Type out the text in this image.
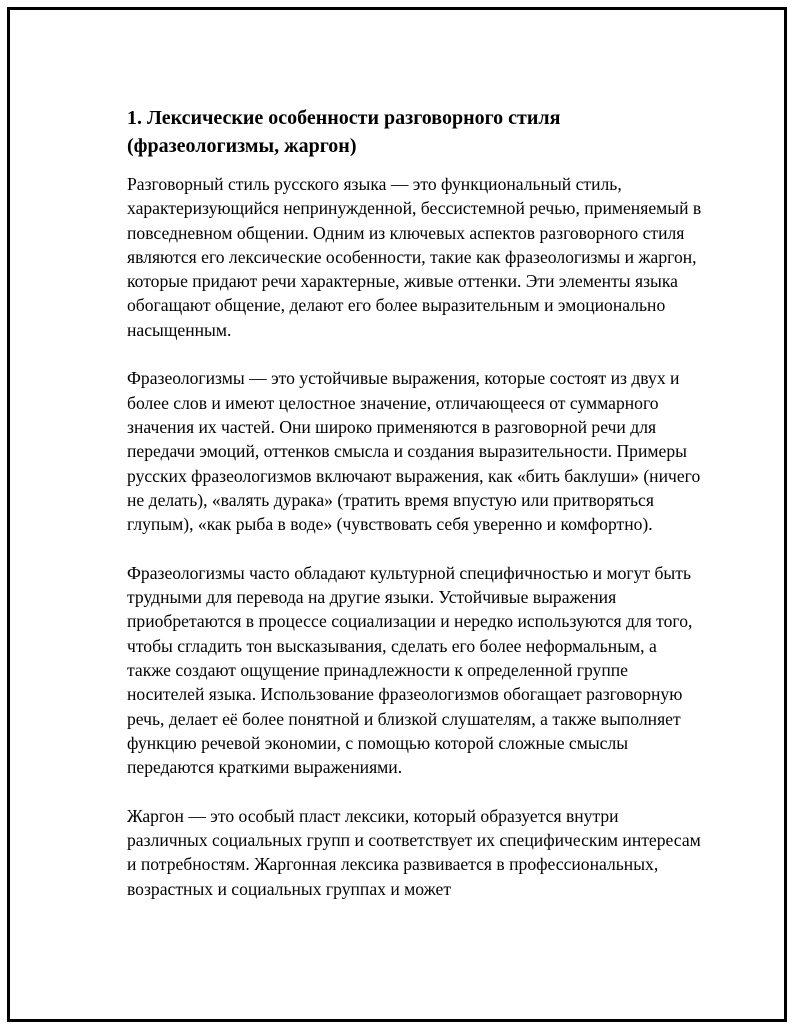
1. Лексические особенности разговорного стиля (фразеологизмы, жаргон)

Разговорный стиль русского языка — это функциональный стиль, характеризующийся непринужденной, бессистемной речью, применяемый в повседневном общении. Одним из ключевых аспектов разговорного стиля являются его лексические особенности, такие как фразеологизмы и жаргон, которые придают речи характерные, живые оттенки. Эти элементы языка обогащают общение, делают его более выразительным и эмоционально насыщенным.

Фразеологизмы — это устойчивые выражения, которые состоят из двух и более слов и имеют целостное значение, отличающееся от суммарного значения их частей. Они широко применяются в разговорной речи для передачи эмоций, оттенков смысла и создания выразительности. Примеры русских фразеологизмов включают выражения, как «бить баклуши» (ничего не делать), «валять дурака» (тратить время впустую или притворяться глупым), «как рыба в воде» (чувствовать себя уверенно и комфортно).

Фразеологизмы часто обладают культурной специфичностью и могут быть трудными для перевода на другие языки. Устойчивые выражения приобретаются в процессе социализации и нередко используются для того, чтобы сгладить тон высказывания, сделать его более неформальным, а также создают ощущение принадлежности к определенной группе носителей языка. Использование фразеологизмов обогащает разговорную речь, делает её более понятной и близкой слушателям, а также выполняет функцию речевой экономии, с помощью которой сложные смыслы передаются краткими выражениями.

Жаргон — это особый пласт лексики, который образуется внутри различных социальных групп и соответствует их специфическим интересам и потребностям. Жаргонная лексика развивается в профессиональных, возрастных и социальных группах и может
